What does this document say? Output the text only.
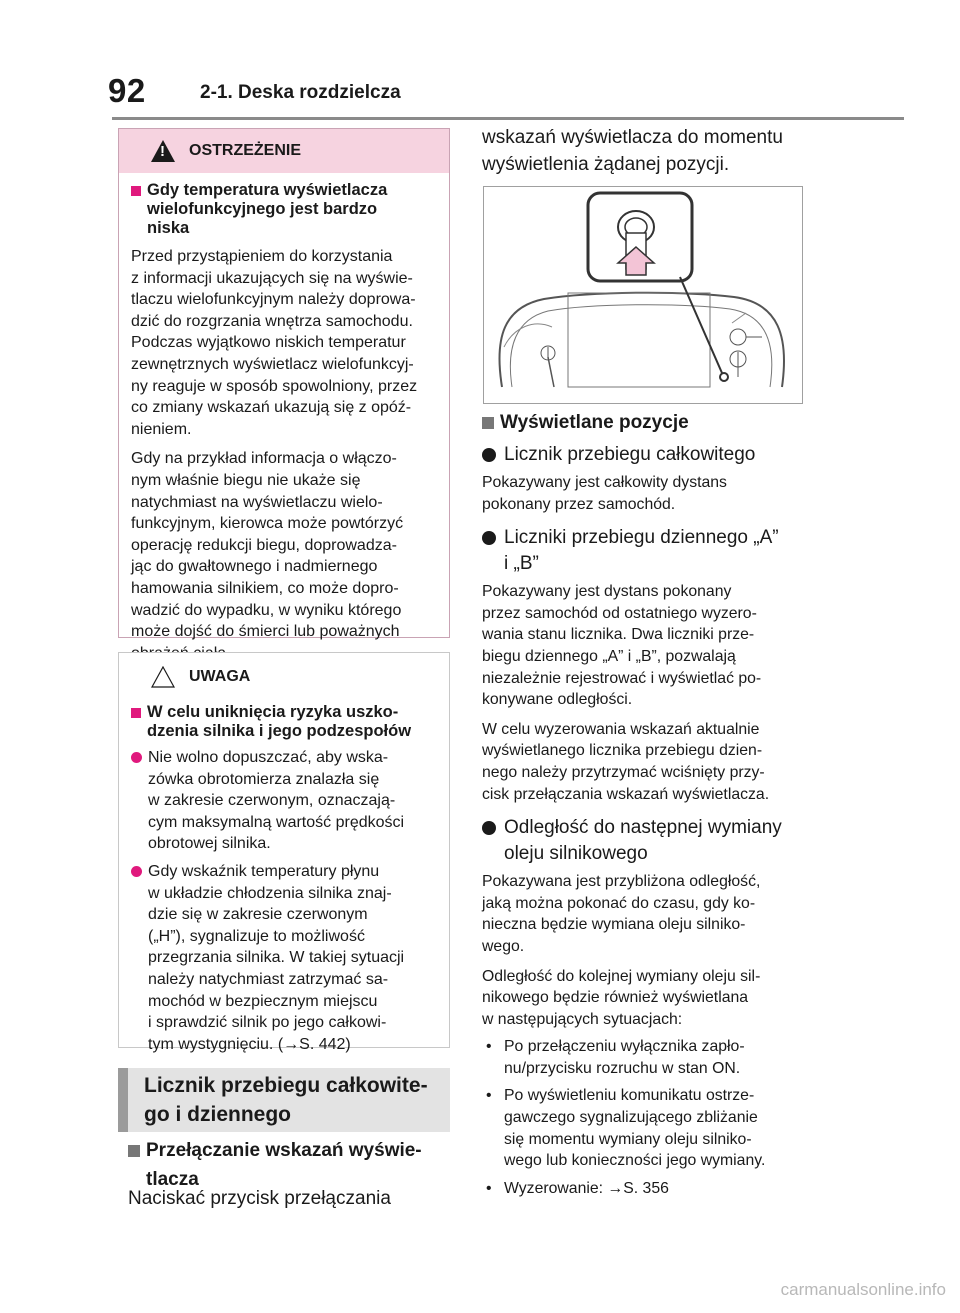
92	2-1. Deska rozdzielcza
!
OSTRZEŻENIE
Gdy temperatura wyświetlacza
wielofunkcyjnego jest bardzo
niska
Przed przystąpieniem do korzystania
z informacji ukazujących się na wyświe-
tlaczu wielofunkcyjnym należy doprowa-
dzić do rozgrzania wnętrza samochodu.
Podczas wyjątkowo niskich temperatur
zewnętrznych wyświetlacz wielofunkcyj-
ny reaguje w sposób spowolniony, przez
co zmiany wskazań ukazują się z opóź-
nieniem.
Gdy na przykład informacja o włączo-
nym właśnie biegu nie ukaże się
natychmiast na wyświetlaczu wielo-
funkcyjnym, kierowca może powtórzyć
operację redukcji biegu, doprowadza-
jąc do gwałtownego i nadmiernego
hamowania silnikiem, co może dopro-
wadzić do wypadku, w wyniku którego
może dojść do śmierci lub poważnych

UWAGA
W celu uniknięcia ryzyka uszko-
dzenia silnika i jego podzespołów
Nie wolno dopuszczać, aby wska-
zówka obrotomierza znalazła się
w zakresie czerwonym, oznaczają-
cym maksymalną wartość prędkości
obrotowej silnika.
Gdy wskaźnik temperatury płynu
w układzie chłodzenia silnika znaj-
dzie się w zakresie czerwonym
(„H”), sygnalizuje to możliwość
przegrzania silnika. W takiej sytuacji
należy natychmiast zatrzymać sa-
mochód w bezpiecznym miejscu
i sprawdzić silnik po jego całkowi-
tym wystygnięciu. (→S. 442)
Licznik przebiegu całkowite-
go i dziennego
Przełączanie wskazań wyświe-
tlacza
Naciskać przycisk przełączania
wskazań wyświetlacza do momentu
wyświetlenia żądanej pozycji.
Wyświetlane pozycje
Licznik przebiegu całkowitego
Pokazywany jest całkowity dystans
pokonany przez samochód.
Liczniki przebiegu dziennego „A”
i „B”
Pokazywany jest dystans pokonany
przez samochód od ostatniego wyzero-
wania stanu licznika. Dwa liczniki prze-
biegu dziennego „A” i „B”, pozwalają
niezależnie rejestrować i wyświetlać po-
konywane odległości.
W celu wyzerowania wskazań aktualnie
wyświetlanego licznika przebiegu dzien-
nego należy przytrzymać wciśnięty przy-
cisk przełączania wskazań wyświetlacza.
Odległość do następnej wymiany
oleju silnikowego
Pokazywana jest przybliżona odległość,
jaką można pokonać do czasu, gdy ko-
nieczna będzie wymiana oleju silniko-
wego.
Odległość do kolejnej wymiany oleju sil-
nikowego będzie również wyświetlana
w następujących sytuacjach:
• Po przełączeniu wyłącznika zapło-
nu/przycisku rozruchu w stan ON.
• Po wyświetleniu komunikatu ostrze-
gawczego sygnalizującego zbliżanie
się momentu wymiany oleju silniko-
wego lub konieczności jego wymiany.
• Wyzerowanie: →S. 356
carmanualsonline.info
